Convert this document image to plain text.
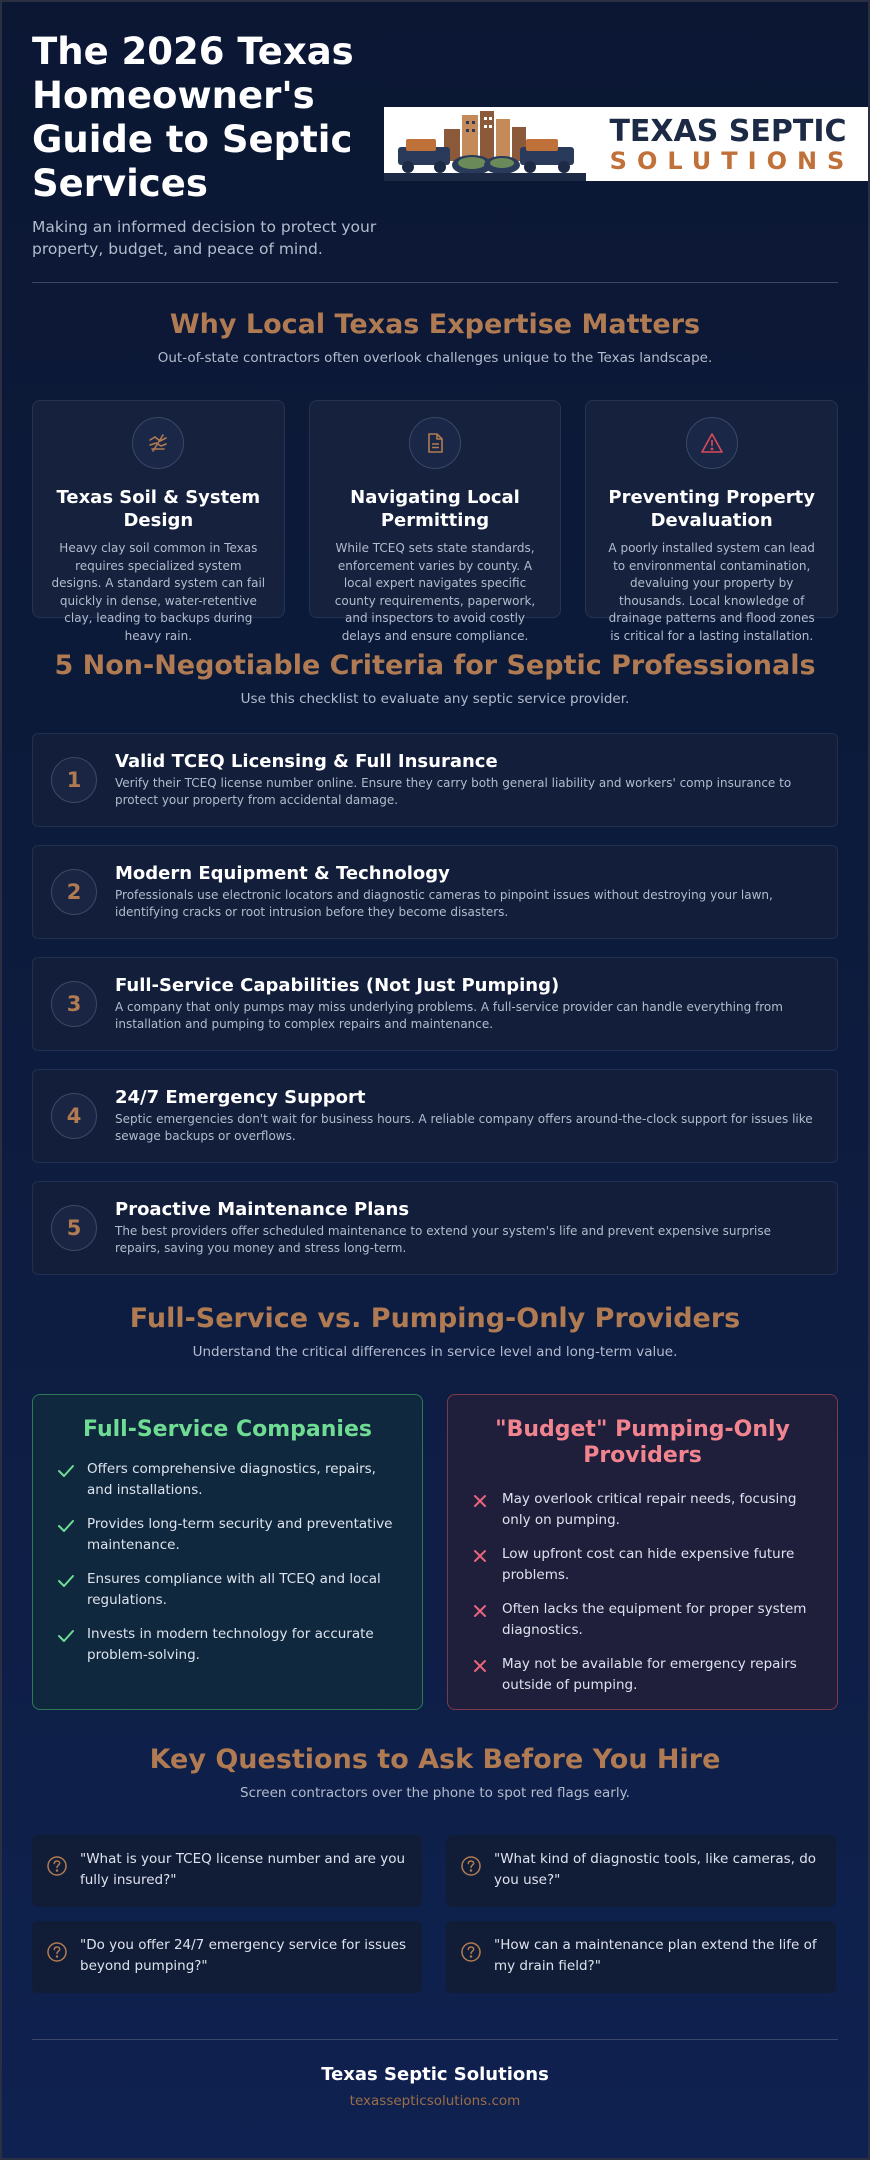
The 2026 Texas Homeowner's Guide to Septic Services

Making an informed decision to protect your property, budget, and peace of mind.

TEXAS SEPTIC
SOLUTIONS
Why Local Texas Expertise Matters

Out-of-state contractors often overlook challenges unique to the Texas landscape.

Texas Soil & System Design

Heavy clay soil common in Texas requires specialized system designs. A standard system can fail quickly in dense, water-retentive clay, leading to backups during heavy rain.

Navigating Local Permitting

While TCEQ sets state standards, enforcement varies by county. A local expert navigates specific county requirements, paperwork, and inspectors to avoid costly delays and ensure compliance.

Preventing Property Devaluation

A poorly installed system can lead to environmental contamination, devaluing your property by thousands. Local knowledge of drainage patterns and flood zones is critical for a lasting installation.

5 Non-Negotiable Criteria for Septic Professionals

Use this checklist to evaluate any septic service provider.

1
Valid TCEQ Licensing & Full Insurance

Verify their TCEQ license number online. Ensure they carry both general liability and workers' comp insurance to protect your property from accidental damage.

2
Modern Equipment & Technology

Professionals use electronic locators and diagnostic cameras to pinpoint issues without destroying your lawn, identifying cracks or root intrusion before they become disasters.

3
Full-Service Capabilities (Not Just Pumping)

A company that only pumps may miss underlying problems. A full-service provider can handle everything from installation and pumping to complex repairs and maintenance.

4
24/7 Emergency Support

Septic emergencies don't wait for business hours. A reliable company offers around-the-clock support for issues like sewage backups or overflows.

5
Proactive Maintenance Plans

The best providers offer scheduled maintenance to extend your system's life and prevent expensive surprise repairs, saving you money and stress long-term.

Full-Service vs. Pumping-Only Providers

Understand the critical differences in service level and long-term value.

Full-Service Companies
Offers comprehensive diagnostics, repairs, and installations.
Provides long-term security and preventative maintenance.
Ensures compliance with all TCEQ and local regulations.
Invests in modern technology for accurate problem-solving.
"Budget" Pumping-Only Providers
May overlook critical repair needs, focusing only on pumping.
Low upfront cost can hide expensive future problems.
Often lacks the equipment for proper system diagnostics.
May not be available for emergency repairs outside of pumping.
Key Questions to Ask Before You Hire

Screen contractors over the phone to spot red flags early.

"What is your TCEQ license number and are you fully insured?"
"What kind of diagnostic tools, like cameras, do you use?"
"Do you offer 24/7 emergency service for issues beyond pumping?"
"How can a maintenance plan extend the life of my drain field?"
Texas Septic Solutions
texassepticsolutions.com
